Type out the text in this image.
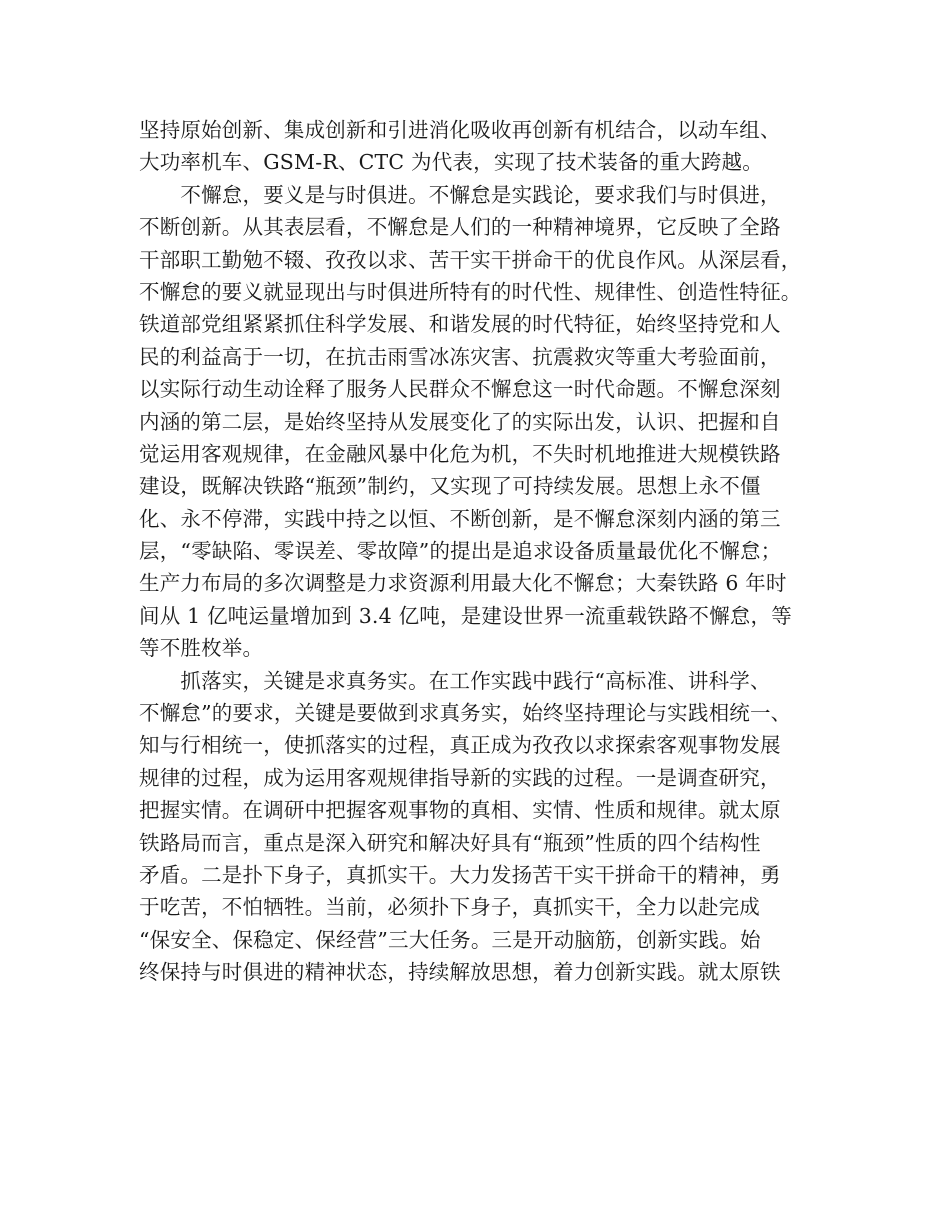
坚持原始创新、集成创新和引进消化吸收再创新有机结合，以动车组、
大功率机车、GSM-R、CTC 为代表，实现了技术装备的重大跨越。
　　不懈怠，要义是与时俱进。不懈怠是实践论，要求我们与时俱进，
不断创新。从其表层看，不懈怠是人们的一种精神境界，它反映了全路
干部职工勤勉不辍、孜孜以求、苦干实干拼命干的优良作风。从深层看，
不懈怠的要义就显现出与时俱进所特有的时代性、规律性、创造性特征。
铁道部党组紧紧抓住科学发展、和谐发展的时代特征，始终坚持党和人
民的利益高于一切，在抗击雨雪冰冻灾害、抗震救灾等重大考验面前，
以实际行动生动诠释了服务人民群众不懈怠这一时代命题。不懈怠深刻
内涵的第二层，是始终坚持从发展变化了的实际出发，认识、把握和自
觉运用客观规律，在金融风暴中化危为机，不失时机地推进大规模铁路
建设，既解决铁路“瓶颈”制约，又实现了可持续发展。思想上永不僵
化、永不停滞，实践中持之以恒、不断创新，是不懈怠深刻内涵的第三
层，“零缺陷、零误差、零故障”的提出是追求设备质量最优化不懈怠；
生产力布局的多次调整是力求资源利用最大化不懈怠；大秦铁路 6 年时
间从 1 亿吨运量增加到 3.4 亿吨，是建设世界一流重载铁路不懈怠，等
等不胜枚举。
　　抓落实，关键是求真务实。在工作实践中践行“高标准、讲科学、
不懈怠”的要求，关键是要做到求真务实，始终坚持理论与实践相统一、
知与行相统一，使抓落实的过程，真正成为孜孜以求探索客观事物发展
规律的过程，成为运用客观规律指导新的实践的过程。一是调查研究，
把握实情。在调研中把握客观事物的真相、实情、性质和规律。就太原
铁路局而言，重点是深入研究和解决好具有“瓶颈”性质的四个结构性
矛盾。二是扑下身子，真抓实干。大力发扬苦干实干拼命干的精神，勇
于吃苦，不怕牺牲。当前，必须扑下身子，真抓实干，全力以赴完成
“保安全、保稳定、保经营”三大任务。三是开动脑筋，创新实践。始
终保持与时俱进的精神状态，持续解放思想，着力创新实践。就太原铁
